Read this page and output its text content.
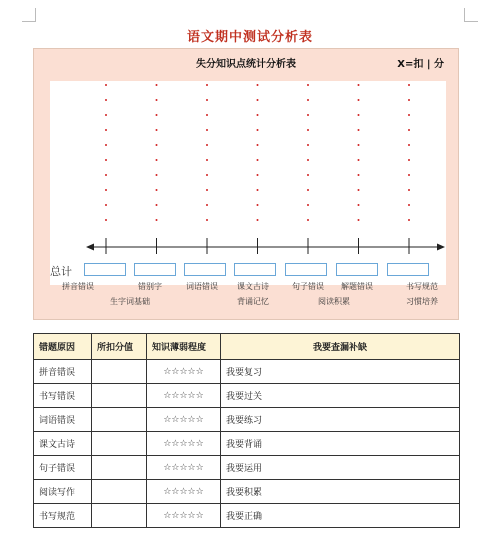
语文期中测试分析表
失分知识点统计分析表	X=扣 | 分
总计
拼音错误	错别字	词语错误 课文古诗	句子错误 解题错误	书写规范
生字词基础	背诵记忆	阅读积累	习惯培养
错题原因	所扣分值	知识薄弱程度	我要查漏补缺
拼音错误		☆☆☆☆☆	我要复习
书写错误		☆☆☆☆☆	我要过关
词语错误		☆☆☆☆☆	我要练习
课文古诗		☆☆☆☆☆	我要背诵
句子错误		☆☆☆☆☆	我要运用
阅读写作		☆☆☆☆☆	我要积累
书写规范		☆☆☆☆☆	我要正确
